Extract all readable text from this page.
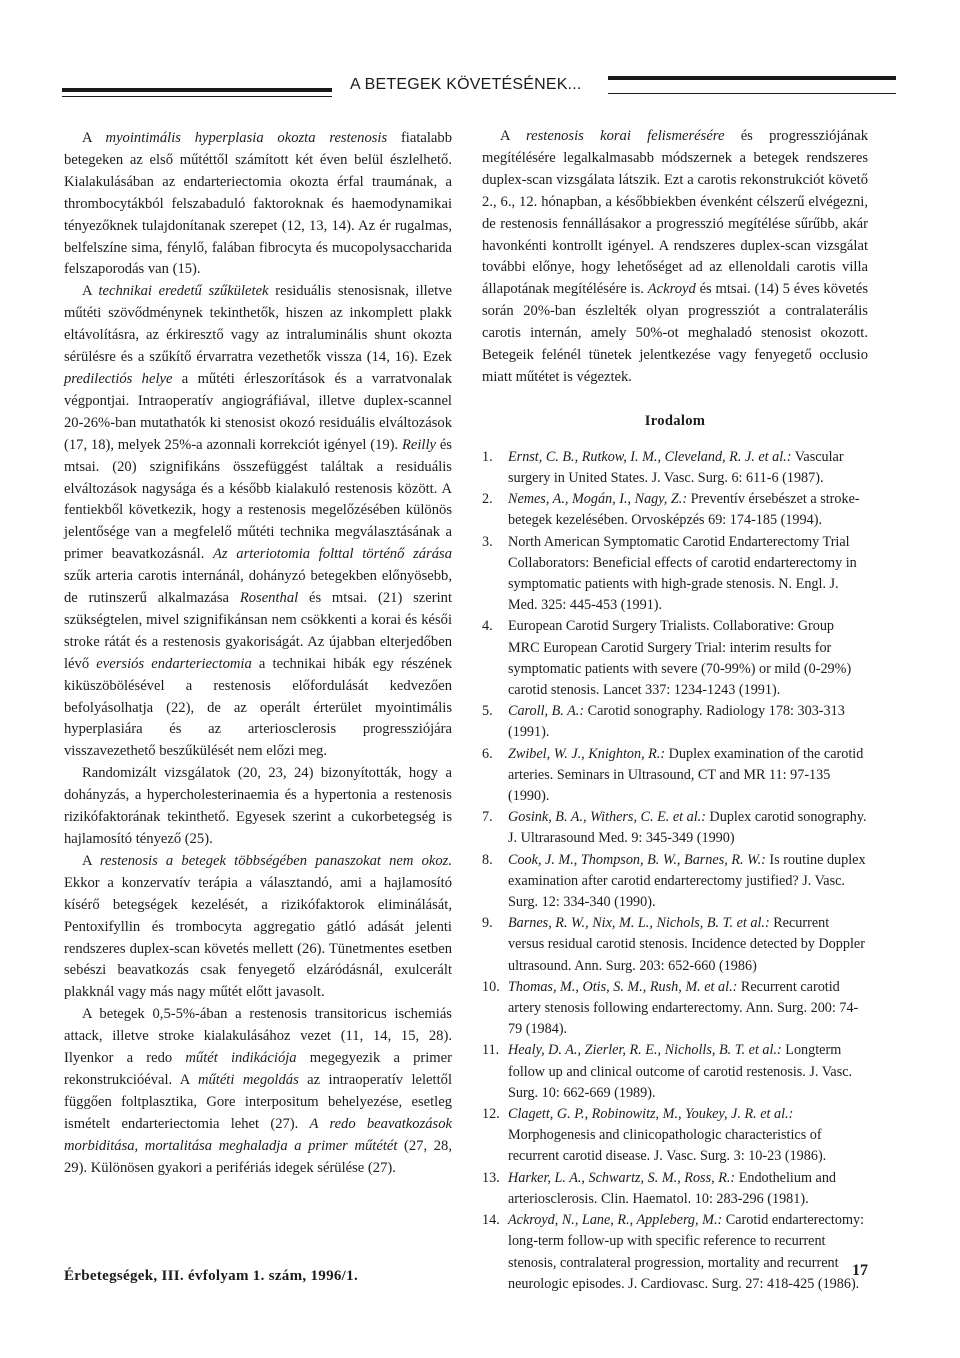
A BETEGEK KÖVETÉSÉNEK...

A myointimális hyperplasia okozta restenosis fiatalabb betegeken az első műtéttől számított két éven belül észlelhető. Kialakulásában az endarteriectomia okozta érfal traumának, a thrombocytákból felszabaduló faktoroknak és haemodynamikai tényezőknek tulajdonítanak szerepet (12, 13, 14). Az ér rugalmas, belfelszíne sima, fénylő, falában fibrocyta és mucopolysaccharida felszaporodás van (15).

A technikai eredetű szűkületek residuális stenosisnak, illetve műtéti szövődménynek tekinthetők, hiszen az inkomplett plakk eltávolításra, az érkiresztő vagy az intraluminális shunt okozta sérülésre és a szűkítő érvarratra vezethetők vissza (14, 16). Ezek predilectiós helye a műtéti érleszorítások és a varratvonalak végpontjai. Intraoperatív angiográfiával, illetve duplex-scannel 20-26%-ban mutathatók ki stenosist okozó residuális elváltozások (17, 18), melyek 25%-a azonnali korrekciót igényel (19). Reilly és mtsai. (20) szignifikáns összefüggést találtak a residuális elváltozások nagysága és a később kialakuló restenosis között. A fentiekből következik, hogy a restenosis megelőzésében különös jelentősége van a megfelelő műtéti technika megválasztásának a primer beavatkozásnál. Az arteriotomia folttal történő zárása szűk arteria carotis internánál, dohányzó betegekben előnyösebb, de rutinszerű alkalmazása Rosenthal és mtsai. (21) szerint szükségtelen, mivel szignifikánsan nem csökkenti a korai és késői stroke rátát és a restenosis gyakoriságát. Az újabban elterjedőben lévő eversiós endarteriectomia a technikai hibák egy részének kiküszöbölésével a restenosis előfordulását kedvezően befolyásolhatja (22), de az operált érterület myointimális hyperplasiára és az arteriosclerosis progressziójára visszavezethető beszűkülését nem előzi meg.

Randomizált vizsgálatok (20, 23, 24) bizonyították, hogy a dohányzás, a hypercholesterinaemia és a hypertonia a restenosis rizikófaktorának tekinthető. Egyesek szerint a cukorbetegség is hajlamosító tényező (25).

A restenosis a betegek többségében panaszokat nem okoz. Ekkor a konzervatív terápia a választandó, ami a hajlamosító kísérő betegségek kezelését, a rizikófaktorok eliminálását, Pentoxifyllin és trombocyta aggregatio gátló adását jelenti rendszeres duplex-scan követés mellett (26). Tünetmentes esetben sebészi beavatkozás csak fenyegető elzáródásnál, exulcerált plakknál vagy más nagy műtét előtt javasolt.

A betegek 0,5-5%-ában a restenosis transitoricus ischemiás attack, illetve stroke kialakulásához vezet (11, 14, 15, 28). Ilyenkor a redo műtét indikációja megegyezik a primer rekonstrukcióéval. A műtéti megoldás az intraoperatív lelettől függően foltplasztika, Gore interpositum behelyezése, esetleg ismételt endarteriectomia lehet (27). A redo beavatkozások morbiditása, mortalitása meghaladja a primer műtétét (27, 28, 29). Különösen gyakori a perifériás idegek sérülése (27).

A restenosis korai felismerésére és progressziójának megítélésére legalkalmasabb módszernek a betegek rendszeres duplex-scan vizsgálata látszik. Ezt a carotis rekonstrukciót követő 2., 6., 12. hónapban, a későbbiekben évenként célszerű elvégezni, de restenosis fennállásakor a progresszió megítélése sűrűbb, akár havonkénti kontrollt igényel. A rendszeres duplex-scan vizsgálat további előnye, hogy lehetőséget ad az ellenoldali carotis villa állapotának megítélésére is. Ackroyd és mtsai. (14) 5 éves követés során 20%-ban észlelték olyan progressziót a contralaterális carotis internán, amely 50%-ot meghaladó stenosist okozott. Betegeik felénél tünetek jelentkezése vagy fenyegető occlusio miatt műtétet is végeztek.

Irodalom
1.	Ernst, C. B., Rutkow, I. M., Cleveland, R. J. et al.: Vascular surgery in United States. J. Vasc. Surg. 6: 611-6 (1987).
2.	Nemes, A., Mogán, I., Nagy, Z.: Preventív érsebészet a stroke-betegek kezelésében. Orvosképzés 69: 174-185 (1994).
3.	North American Symptomatic Carotid Endarterectomy Trial Collaborators: Beneficial effects of carotid endarterectomy in symptomatic patients with high-grade stenosis. N. Engl. J. Med. 325: 445-453 (1991).
4.	European Carotid Surgery Trialists. Collaborative: Group MRC European Carotid Surgery Trial: interim results for symptomatic patients with severe (70-99%) or mild (0-29%) carotid stenosis. Lancet 337: 1234-1243 (1991).
5.	Caroll, B. A.: Carotid sonography. Radiology 178: 303-313 (1991).
6.	Zwibel, W. J., Knighton, R.: Duplex examination of the carotid arteries. Seminars in Ultrasound, CT and MR 11: 97-135 (1990).
7.	Gosink, B. A., Withers, C. E. et al.: Duplex carotid sonography. J. Ultrarasound Med. 9: 345-349 (1990)
8.	Cook, J. M., Thompson, B. W., Barnes, R. W.: Is routine duplex examination after carotid endarterectomy justified? J. Vasc. Surg. 12: 334-340 (1990).
9.	Barnes, R. W., Nix, M. L., Nichols, B. T. et al.: Recurrent versus residual carotid stenosis. Incidence detected by Doppler ultrasound. Ann. Surg. 203: 652-660 (1986)
10. Thomas, M., Otis, S. M., Rush, M. et al.: Recurrent carotid artery stenosis following endarterectomy. Ann. Surg. 200: 74-79 (1984).
11. Healy, D. A., Zierler, R. E., Nicholls, B. T. et al.: Longterm follow up and clinical outcome of carotid restenosis. J. Vasc. Surg. 10: 662-669 (1989).
12. Clagett, G. P., Robinowitz, M., Youkey, J. R. et al.: Morphogenesis and clinicopathologic characteristics of recurrent carotid disease. J. Vasc. Surg. 3: 10-23 (1986).
13. Harker, L. A., Schwartz, S. M., Ross, R.: Endothelium and arteriosclerosis. Clin. Haematol. 10: 283-296 (1981).
14. Ackroyd, N., Lane, R., Appleberg, M.: Carotid endarterectomy: long-term follow-up with specific reference to recurrent stenosis, contralateral progression, mortality and recurrent neurologic episodes. J. Cardiovasc. Surg. 27: 418-425 (1986).
Érbetegségek, III. évfolyam 1. szám, 1996/1.	17
